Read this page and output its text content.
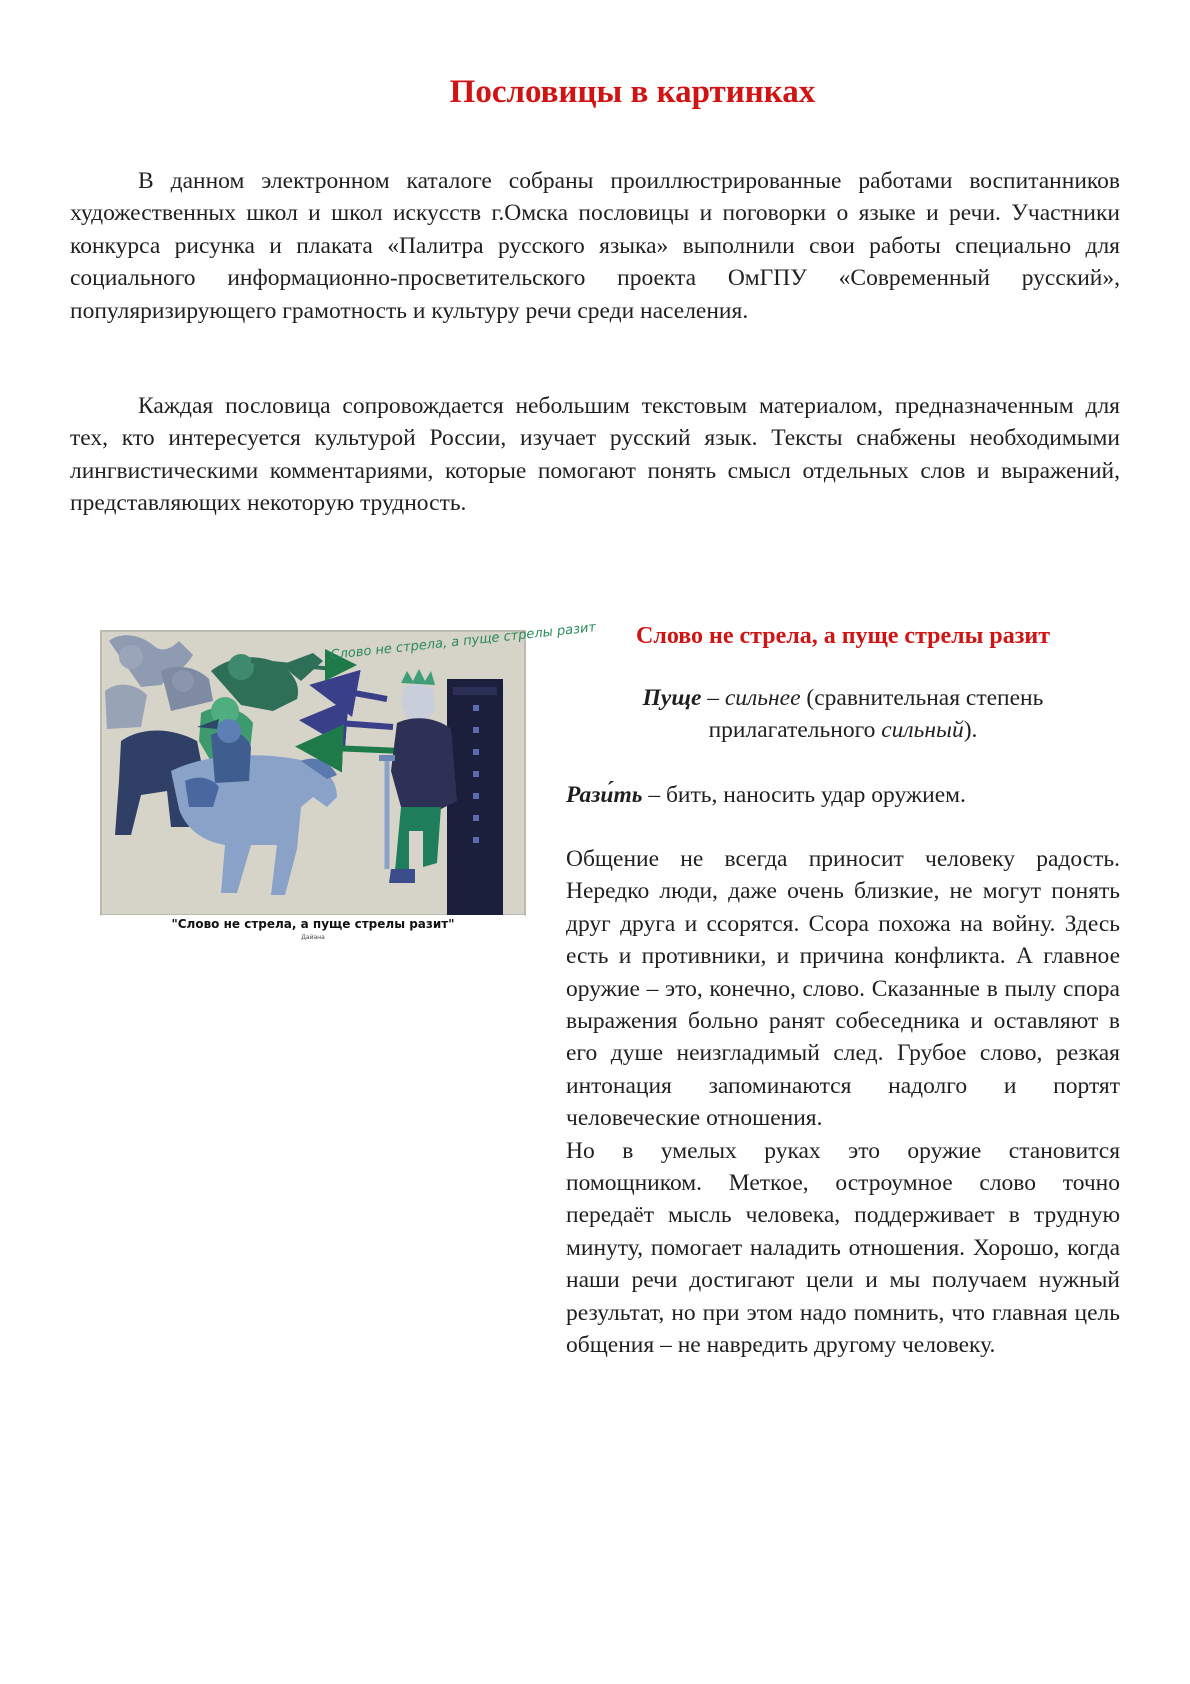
Пословицы в картинках

В данном электронном каталоге собраны проиллюстрированные работами воспитанников художественных школ и школ искусств г.Омска пословицы и поговорки о языке и речи. Участники конкурса рисунка и плаката «Палитра русского языка» выполнили свои работы специально для социального информационно-просветительского проекта ОмГПУ «Современный русский», популяризирующего грамотность и культуру речи среди населения.

Каждая пословица сопровождается небольшим текстовым материалом, предназначенным для тех, кто интересуется культурой России, изучает русский язык. Тексты снабжены необходимыми лингвистическими комментариями, которые помогают понять смысл отдельных слов и выражений, представляющих некоторую трудность.

Слово не стрела, а пуще стрелы разит
"Слово не стрела, а пуще стрелы разит"
Дайана
Слово не стрела, а пуще стрелы разит
Пуще – сильнее (сравнительная степень прилагательного сильный).
Рази́ть – бить, наносить удар оружием.

Общение не всегда приносит человеку радость. Нередко люди, даже очень близкие, не могут понять друг друга и ссорятся. Ссора похожа на войну. Здесь есть и противники, и причина конфликта. А главное оружие – это, конечно, слово. Сказанные в пылу спора выражения больно ранят собеседника и оставляют в его душе неизгладимый след. Грубое слово, резкая интонация запоминаются надолго и портят человеческие отношения.

Но в умелых руках это оружие становится помощником. Меткое, остроумное слово точно передаёт мысль человека, поддерживает в трудную минуту, помогает наладить отношения. Хорошо, когда наши речи достигают цели и мы получаем нужный результат, но при этом надо помнить, что главная цель общения – не навредить другому человеку.
